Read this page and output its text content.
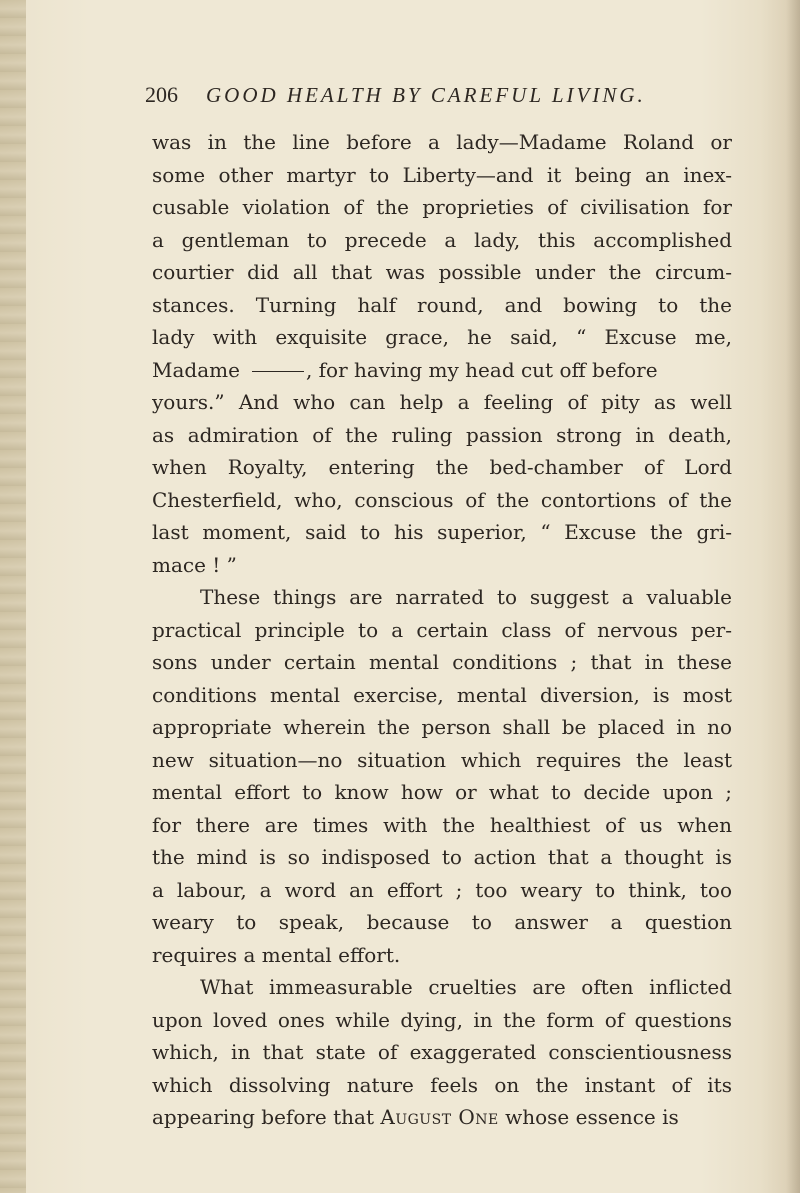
206 GOOD HEALTH BY CAREFUL LIVING.
was in the line before a lady—Madame Roland or
some other martyr to Liberty—and it being an inex-
cusable violation of the proprieties of civilisation for
a gentleman to precede a lady, this accomplished
courtier did all that was possible under the circum-
stances. Turning half round, and bowing to the
lady with exquisite grace, he said, “ Excuse me,
Madame	, for having my head cut off before
yours.” And who can help a feeling of pity as well
as admiration of the ruling passion strong in death,
when Royalty, entering the bed-chamber of Lord
Chesterfield, who, conscious of the contortions of the
last moment, said to his superior, “ Excuse the gri-
mace ! ”
These things are narrated to suggest a valuable
practical principle to a certain class of nervous per-
sons under certain mental conditions ; that in these
conditions mental exercise, mental diversion, is most
appropriate wherein the person shall be placed in no
new situation—no situation which requires the least
mental effort to know how or what to decide upon ;
for there are times with the healthiest of us when
the mind is so indisposed to action that a thought is
a labour, a word an effort ; too weary to think, too
weary to speak, because to answer a question
requires a mental effort.
What immeasurable cruelties are often inflicted
upon loved ones while dying, in the form of questions
which, in that state of exaggerated conscientiousness
which dissolving nature feels on the instant of its
appearing before that August One whose essence is
